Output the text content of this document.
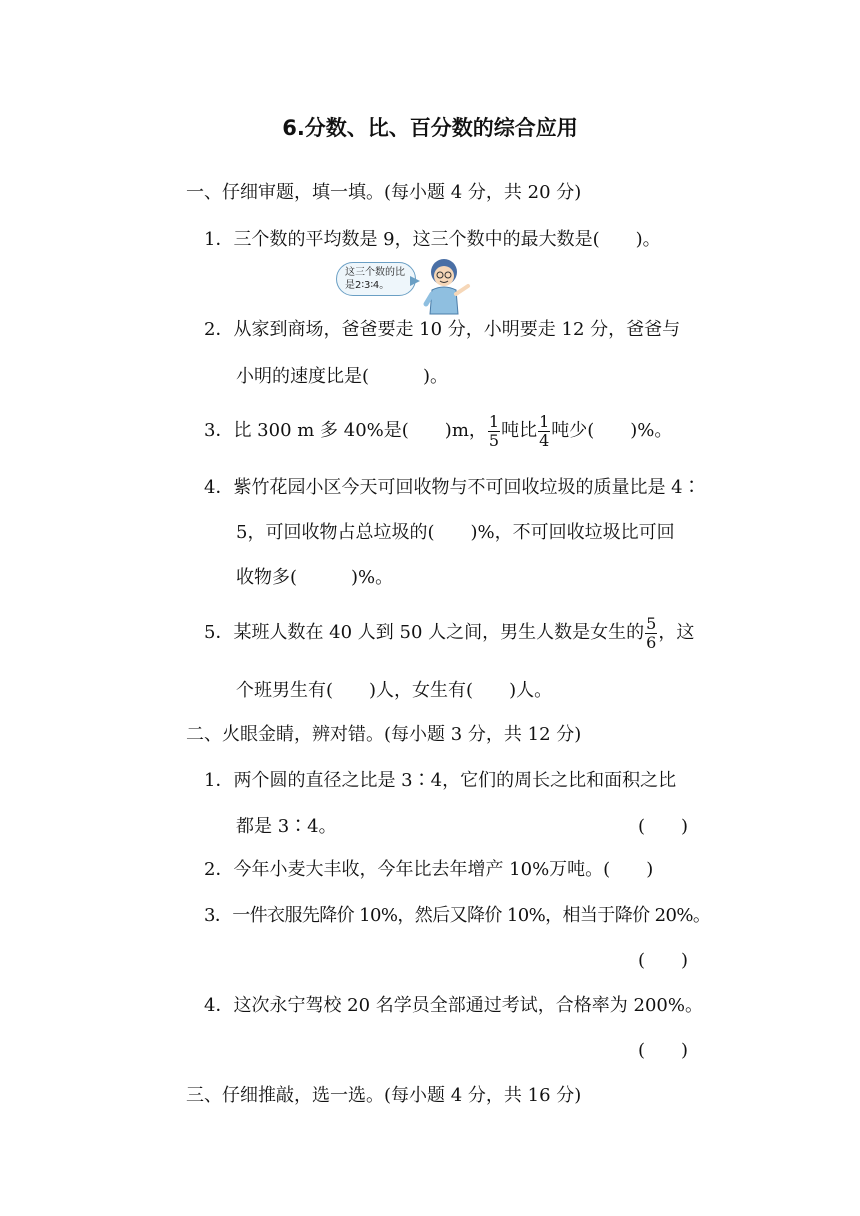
6.分数、比、百分数的综合应用
一、仔细审题，填一填。(每小题 4 分，共 20 分)
1．三个数的平均数是 9，这三个数中的最大数是(　　)。
这三个数的比
是2∶3∶4。
2．从家到商场，爸爸要走 10 分，小明要走 12 分，爸爸与
小明的速度比是(　　　)。
3．比 300 m 多 40%是(　　)m， $\frac{1}{5}$ 吨比 $\frac{1}{4}$ 吨少(　　)%。
4．紫竹花园小区今天可回收物与不可回收垃圾的质量比是 4∶
5，可回收物占总垃圾的(　　)%，不可回收垃圾比可回
收物多(　　　)%。
5．某班人数在 40 人到 50 人之间，男生人数是女生的 $\frac{5}{6}$ ，这
个班男生有(　　)人，女生有(　　)人。
二、火眼金睛，辨对错。(每小题 3 分，共 12 分)
1．两个圆的直径之比是 3∶4，它们的周长之比和面积之比
都是 3∶4。	(　　)
2．今年小麦大丰收，今年比去年增产 10%万吨。(　　)
3．一件衣服先降价 10%，然后又降价 10%，相当于降价 20%。
(　　)
4．这次永宁驾校 20 名学员全部通过考试，合格率为 200%。
(　　)
三、仔细推敲，选一选。(每小题 4 分，共 16 分)
